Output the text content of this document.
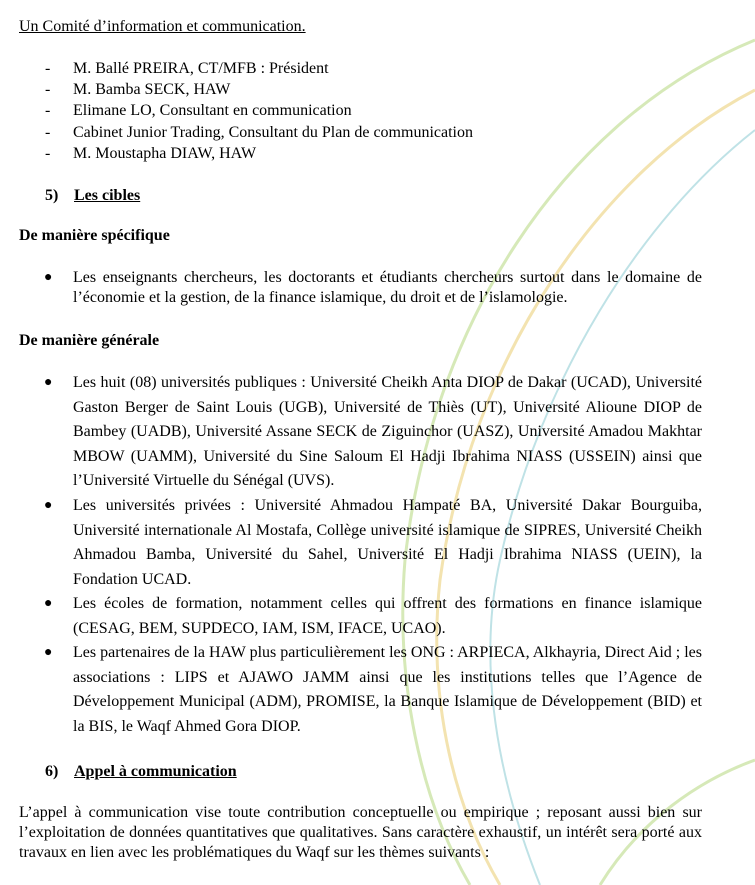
Un Comité d’information et communication.
- M. Ballé PREIRA, CT/MFB : Président
- M. Bamba SECK, HAW
- Elimane LO, Consultant en communication
- Cabinet Junior Trading, Consultant du Plan de communication
- M. Moustapha DIAW, HAW
5) Les cibles
De manière spécifique
● Les enseignants chercheurs, les doctorants et étudiants chercheurs surtout dans le domaine de l’économie et la gestion, de la finance islamique, du droit et de l’islamologie.
De manière générale
● Les huit (08) universités publiques : Université Cheikh Anta DIOP de Dakar (UCAD), Université Gaston Berger de Saint Louis (UGB), Université de Thiès (UT), Université Alioune DIOP de Bambey (UADB), Université Assane SECK de Ziguinchor (UASZ), Université Amadou Makhtar MBOW (UAMM), Université du Sine Saloum El Hadji Ibrahima NIASS (USSEIN) ainsi que l’Université Virtuelle du Sénégal (UVS).
● Les universités privées : Université Ahmadou Hampaté BA, Université Dakar Bourguiba, Université internationale Al Mostafa, Collège université islamique de SIPRES, Université Cheikh Ahmadou Bamba, Université du Sahel, Université El Hadji Ibrahima NIASS (UEIN), la Fondation UCAD.
● Les écoles de formation, notamment celles qui offrent des formations en finance islamique (CESAG, BEM, SUPDECO, IAM, ISM, IFACE, UCAO).
● Les partenaires de la HAW plus particulièrement les ONG : ARPIECA, Alkhayria, Direct Aid ; les associations : LIPS et AJAWO JAMM ainsi que les institutions telles que l’Agence de Développement Municipal (ADM), PROMISE, la Banque Islamique de Développement (BID) et la BIS, le Waqf Ahmed Gora DIOP.
6) Appel à communication
L’appel à communication vise toute contribution conceptuelle ou empirique ; reposant aussi bien sur l’exploitation de données quantitatives que qualitatives. Sans caractère exhaustif, un intérêt sera porté aux travaux en lien avec les problématiques du Waqf sur les thèmes suivants :
